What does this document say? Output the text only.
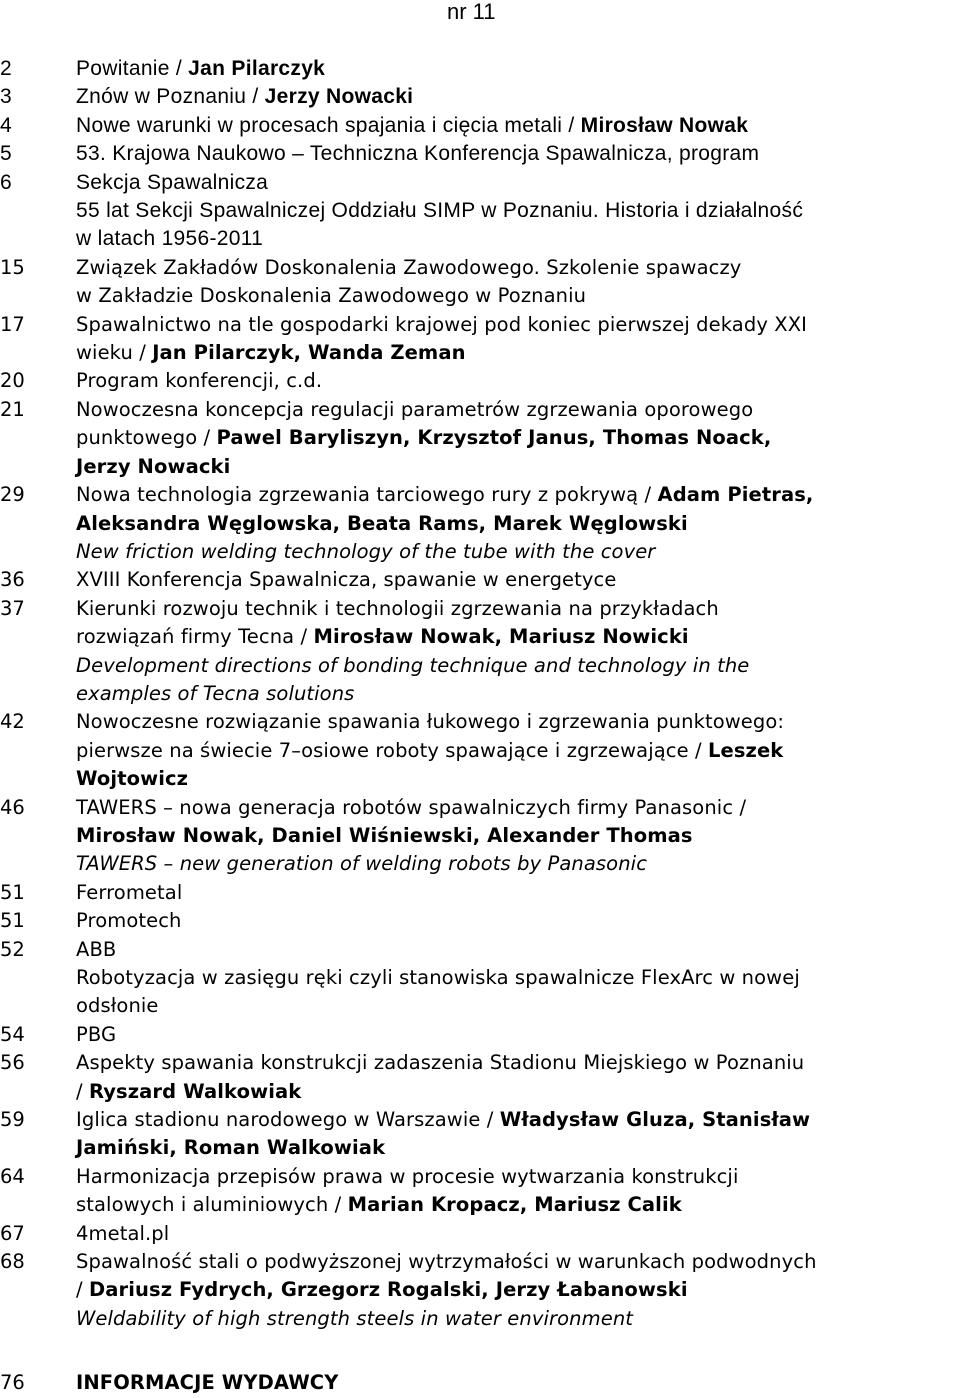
nr 11
2	Powitanie / Jan Pilarczyk
3	Znów w Poznaniu / Jerzy Nowacki
4	Nowe warunki w procesach spajania i cięcia metali / Mirosław Nowak
5	53. Krajowa Naukowo – Techniczna Konferencja Spawalnicza, program
6	Sekcja Spawalnicza
55 lat Sekcji Spawalniczej Oddziału SIMP w Poznaniu. Historia i działalność
w latach 1956-2011
15	Związek Zakładów Doskonalenia Zawodowego. Szkolenie spawaczy
w Zakładzie Doskonalenia Zawodowego w Poznaniu
17	Spawalnictwo na tle gospodarki krajowej pod koniec pierwszej dekady XXI
wieku / Jan Pilarczyk, Wanda Zeman
20	Program konferencji, c.d.
21	Nowoczesna koncepcja regulacji parametrów zgrzewania oporowego
punktowego / Pawel Baryliszyn, Krzysztof Janus, Thomas Noack,
Jerzy Nowacki
29	Nowa technologia zgrzewania tarciowego rury z pokrywą / Adam Pietras,
Aleksandra Węglowska, Beata Rams, Marek Węglowski
New friction welding technology of the tube with the cover
36	XVIII Konferencja Spawalnicza, spawanie w energetyce
37	Kierunki rozwoju technik i technologii zgrzewania na przykładach
rozwiązań firmy Tecna / Mirosław Nowak, Mariusz Nowicki
Development directions of bonding technique and technology in the
examples of Tecna solutions
42	Nowoczesne rozwiązanie spawania łukowego i zgrzewania punktowego:
pierwsze na świecie 7–osiowe roboty spawające i zgrzewające / Leszek
Wojtowicz
46	TAWERS – nowa generacja robotów spawalniczych firmy Panasonic /
Mirosław Nowak, Daniel Wiśniewski, Alexander Thomas
TAWERS – new generation of welding robots by Panasonic
51	Ferrometal
51	Promotech
52	ABB
Robotyzacja w zasięgu ręki czyli stanowiska spawalnicze FlexArc w nowej
odsłonie
54	PBG
56	Aspekty spawania konstrukcji zadaszenia Stadionu Miejskiego w Poznaniu
/ Ryszard Walkowiak
59	Iglica stadionu narodowego w Warszawie / Władysław Gluza, Stanisław
Jamiński, Roman Walkowiak
64	Harmonizacja przepisów prawa w procesie wytwarzania konstrukcji
stalowych i aluminiowych / Marian Kropacz, Mariusz Calik
67	4metal.pl
68	Spawalność stali o podwyższonej wytrzymałości w warunkach podwodnych
/ Dariusz Fydrych, Grzegorz Rogalski, Jerzy Łabanowski
Weldability of high strength steels in water environment
76	INFORMACJE WYDAWCY
